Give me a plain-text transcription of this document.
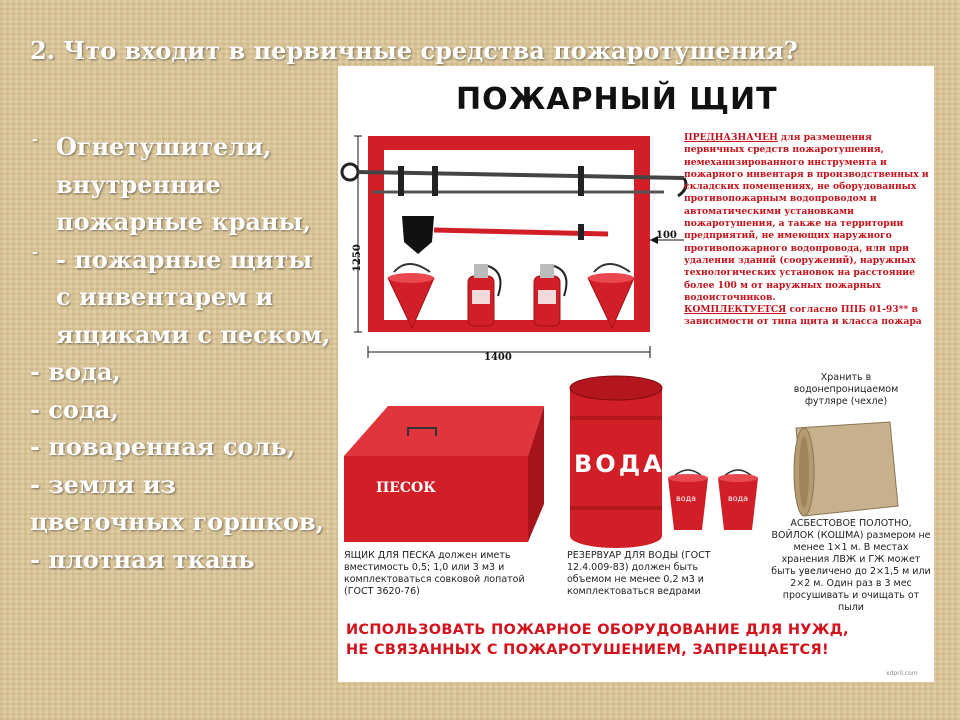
2. Что входит в первичные средства пожаротушения?
- Огнетушители,
внутренние
пожарные краны,
- - пожарные щиты
с инвентарем и
ящиками с песком,
- вода,
- сода,
- поваренная соль,
- земля из
цветочных горшков,
- плотная ткань
ПОЖАРНЫЙ ЩИТ
ПРЕДНАЗНАЧЕН для размещения первичных средств пожаротушения, немеханизированного инструмента и пожарного инвентаря в производственных и складских помещениях, не оборудованных противопожарным водопроводом и автоматическими установками пожаротушения, а также на территории предприятий, не имеющих наружного противопожарного водопровода, или при удалении зданий (сооружений), наружных технологических установок на расстояние более 100 м от наружных пожарных водоисточников.
КОМПЛЕКТУЕТСЯ согласно ППБ 01-93** в зависимости от типа щита и класса пожара
100
1400
1250
ПЕСОК
ВОДА
вода	вода
Хранить в водонепроницаемом футляре (чехле)
ЯЩИК ДЛЯ ПЕСКА должен иметь вместимость 0,5; 1,0 или 3 м3 и комплектоваться совковой лопатой (ГОСТ 3620-76)
РЕЗЕРВУАР ДЛЯ ВОДЫ (ГОСТ 12.4.009-83) должен быть объемом не менее 0,2 м3 и комплектоваться ведрами
АСБЕСТОВОЕ ПОЛОТНО, ВОЙЛОК (КОШМА) размером не менее 1×1 м. В местах хранения ЛВЖ и ГЖ может быть увеличено до 2×1,5 м или 2×2 м. Один раз в 3 мес просушивать и очищать от пыли
ИСПОЛЬЗОВАТЬ ПОЖАРНОЕ ОБОРУДОВАНИЕ ДЛЯ НУЖД,
НЕ СВЯЗАННЫХ С ПОЖАРОТУШЕНИЕМ, ЗАПРЕЩАЕТСЯ!
xdpril.com
